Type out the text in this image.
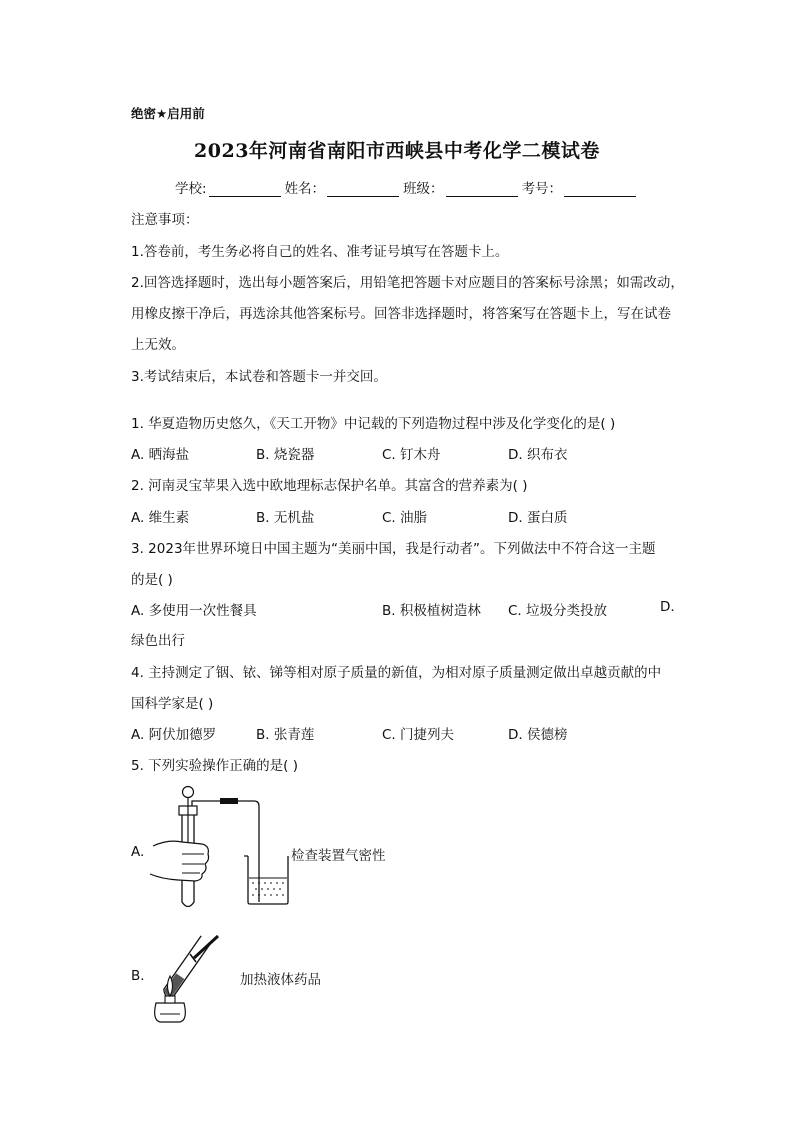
绝密★启用前
2023年河南省南阳市西峡县中考化学二模试卷
学校:	姓名：	班级：	考号：
注意事项：
1.答卷前，考生务必将自己的姓名、准考证号填写在答题卡上。
2.回答选择题时，选出每小题答案后，用铅笔把答题卡对应题目的答案标号涂黑；如需改动，
用橡皮擦干净后，再选涂其他答案标号。回答非选择题时，将答案写在答题卡上，写在试卷
上无效。
3.考试结束后，本试卷和答题卡一并交回。
1. 华夏造物历史悠久，《天工开物》中记载的下列造物过程中涉及化学变化的是( )
A. 晒海盐	B. 烧瓷器	C. 钉木舟	D. 织布衣
2. 河南灵宝苹果入选中欧地理标志保护名单。其富含的营养素为( )
A. 维生素	B. 无机盐	C. 油脂	D. 蛋白质
3. 2023年世界环境日中国主题为“美丽中国，我是行动者”。下列做法中不符合这一主题
的是( )
A. 多使用一次性餐具	B. 积极植树造林 C. 垃圾分类投放	D.
绿色出行
4. 主持测定了铟、铱、锑等相对原子质量的新值，为相对原子质量测定做出卓越贡献的中
国科学家是( )
A. 阿伏加德罗	B. 张青莲	C. 门捷列夫	D. 侯德榜
5. 下列实验操作正确的是( )
A.	检查装置气密性
B.	加热液体药品
